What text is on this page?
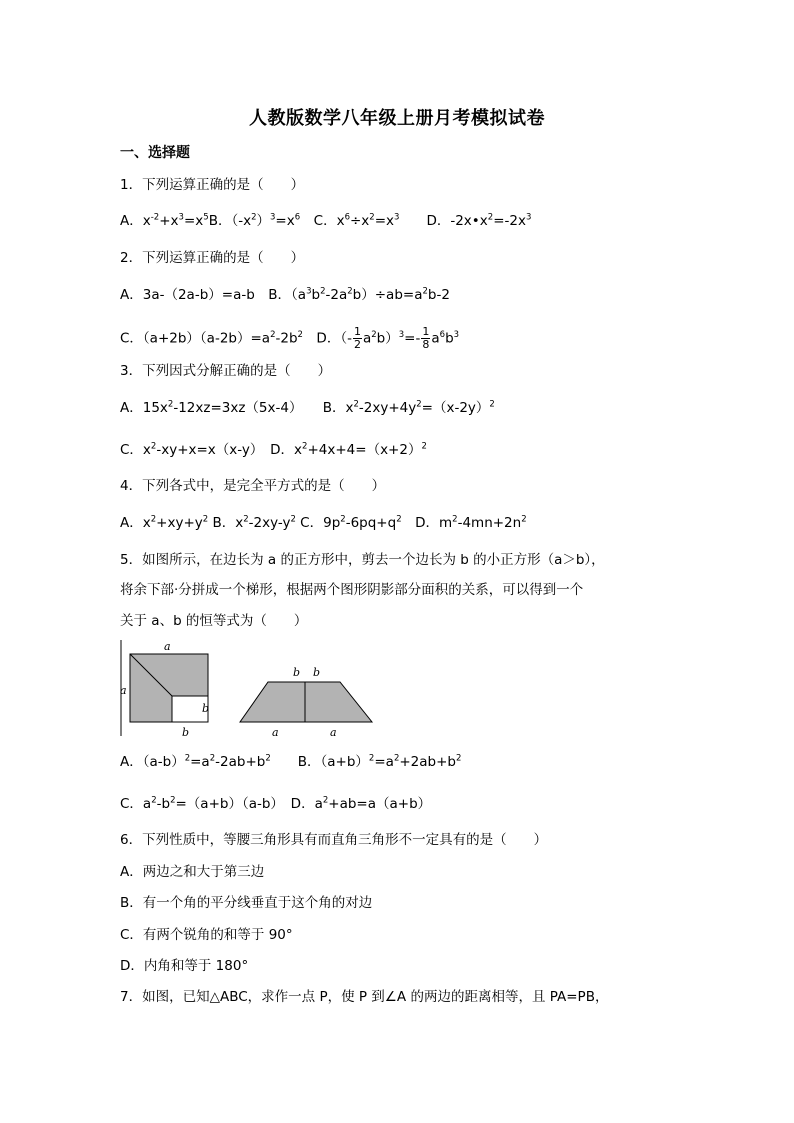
人教版数学八年级上册月考模拟试卷
一、选择题
1．下列运算正确的是（　　）
A．$x^{-2}+x^3=x^5B$．$(-x^2)^3=x^6$　C．$x^6\div x^2=x^3$　　D．$-2x•x^2=-2x^3$
2．下列运算正确的是（　　）
A．3a-（2a-b）=a-b　B．$(a^3b^2-2a^2b)\div ab=a^2b-2$
C．$(a+2b)(a-2b)=a^2-2b^2$　D．（- $\frac{1}{2} a^2b)^3=- \frac{1}{8} a^6b^3$
3．下列因式分解正确的是（　　）
A．$15x^2-12xz=3xz(5x-4)$　　B．$x^2-2xy+4y^2=(x-2y)^2$
C．$x^2-xy+x=x(x-y)$　D．$x^2+4x+4=(x+2)^2$
4．下列各式中，是完全平方式的是（　　）
A．$x^2+xy+y^2$ B．$x^2-2xy-y^2$ C．$9p^2-6pq+q^2$　D．$m^2-4mn+2n^2$
5．如图所示，在边长为 a 的正方形中，剪去一个边长为 b 的小正方形（a＞b），
将余下部·分拼成一个梯形，根据两个图形阴影部分面积的关系，可以得到一个
关于 a、b 的恒等式为（　　）
a
a
b
b
b b
a	a
A．$(a-b)^2=a^2-2ab+b^2$　　B．$(a+b)^2=a^2+2ab+b^2$
C．$a^2-b^2=(a+b)(a-b)$　D．$a^2+ab=a(a+b)$
6．下列性质中，等腰三角形具有而直角三角形不一定具有的是（　　）
A．两边之和大于第三边
B．有一个角的平分线垂直于这个角的对边
C．有两个锐角的和等于 90°
D．内角和等于 180°
7．如图，已知△ABC，求作一点 P，使 P 到∠A 的两边的距离相等，且 PA=PB，
